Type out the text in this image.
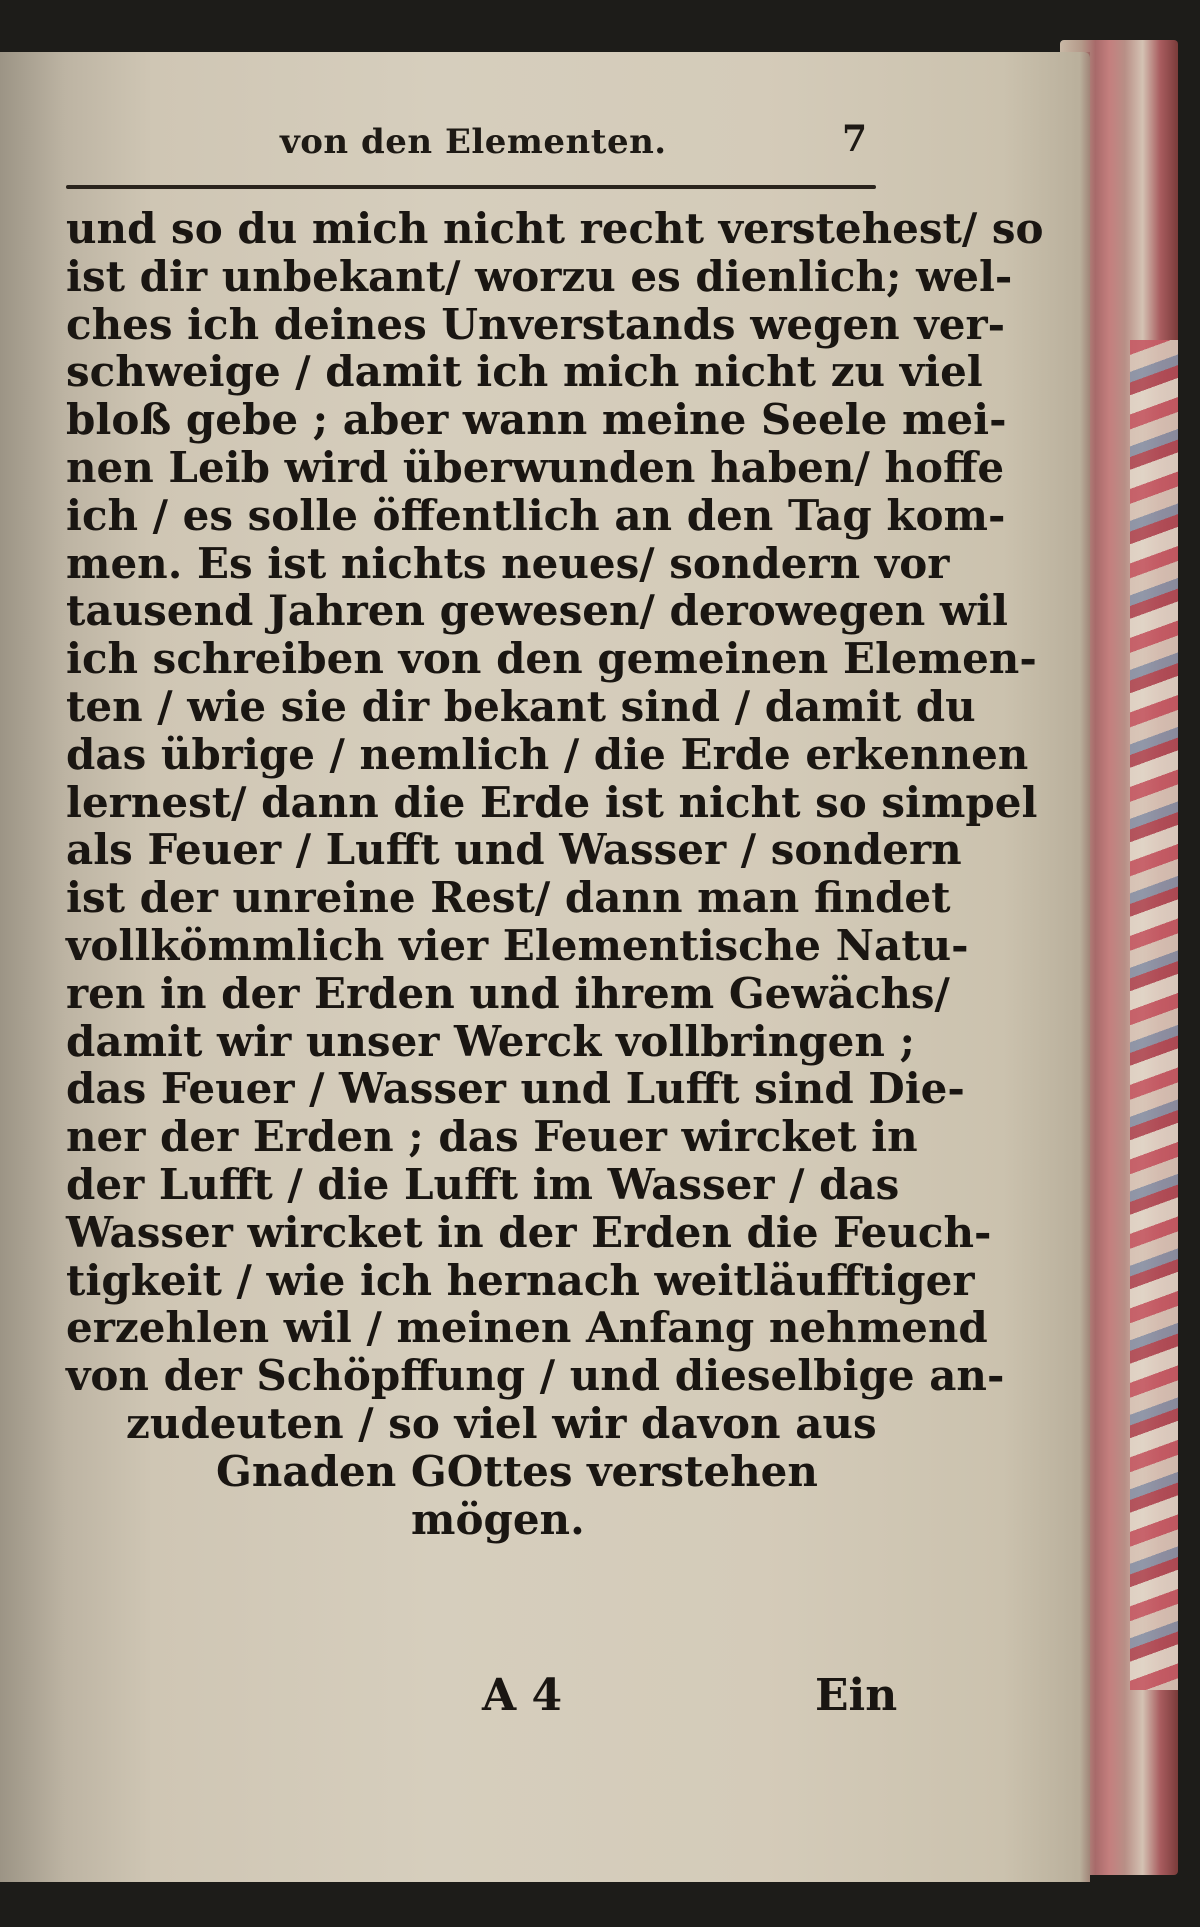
von den Elementen.	7
und so du mich nicht recht verstehest/ so
ist dir unbekant/ worzu es dienlich; wel-
ches ich deines Unverstands wegen ver-
schweige / damit ich mich nicht zu viel
bloß gebe ; aber wann meine Seele mei-
nen Leib wird überwunden haben/ hoffe
ich / es solle öffentlich an den Tag kom-
men. Es ist nichts neues/ sondern vor
tausend Jahren gewesen/ derowegen wil
ich schreiben von den gemeinen Elemen-
ten / wie sie dir bekant sind / damit du
das übrige / nemlich / die Erde erkennen
lernest/ dann die Erde ist nicht so simpel
als Feuer / Lufft und Wasser / sondern
ist der unreine Rest/ dann man findet
vollkömmlich vier Elementische Natu-
ren in der Erden und ihrem Gewächs/
damit wir unser Werck vollbringen ;
das Feuer / Wasser und Lufft sind Die-
ner der Erden ; das Feuer wircket in
der Lufft / die Lufft im Wasser / das
Wasser wircket in der Erden die Feuch-
tigkeit / wie ich hernach weitläufftiger
erzehlen wil / meinen Anfang nehmend
von der Schöpffung / und dieselbige an-
zudeuten / so viel wir davon aus
Gnaden GOttes verstehen
mögen.
A 4	Ein
